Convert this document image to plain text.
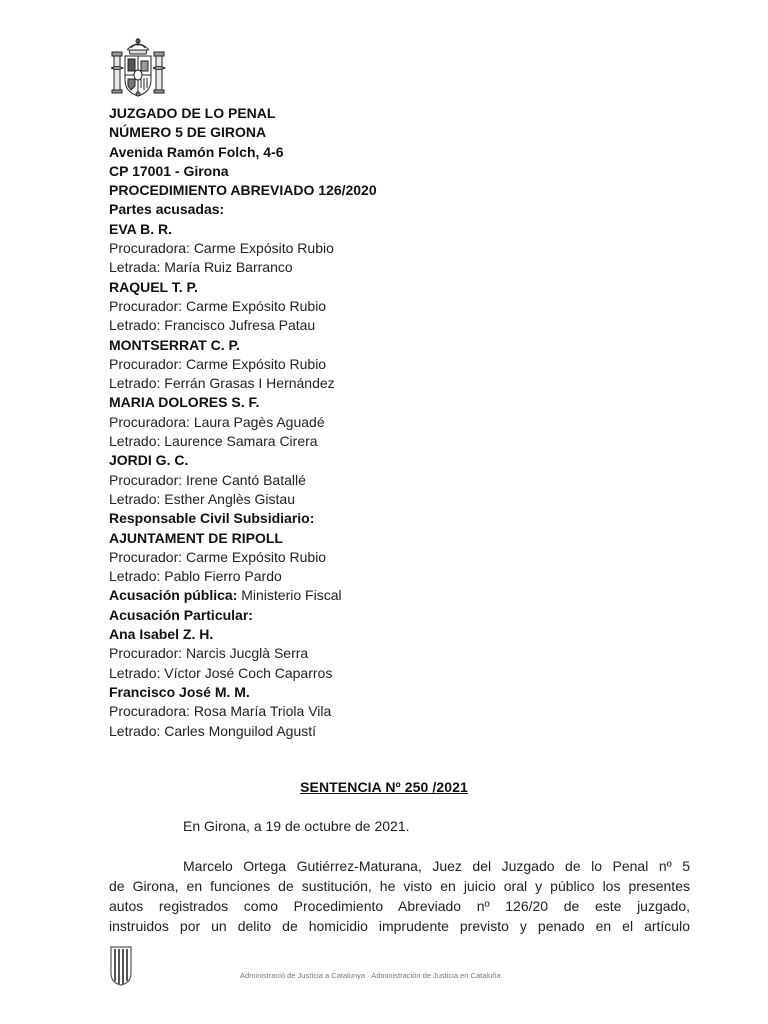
JUZGADO DE LO PENAL
NÚMERO 5 DE GIRONA
Avenida Ramón Folch, 4-6
CP 17001 - Girona
PROCEDIMIENTO ABREVIADO 126/2020
Partes acusadas:
EVA B. R.
Procuradora: Carme Expósito Rubio
Letrada: María Ruiz Barranco
RAQUEL T. P.
Procurador: Carme Expósito Rubio
Letrado: Francisco Jufresa Patau
MONTSERRAT C. P.
Procurador: Carme Expósito Rubio
Letrado: Ferrán Grasas I Hernández
MARIA DOLORES S. F.
Procuradora: Laura Pagès Aguadé
Letrado: Laurence Samara Cirera
JORDI G. C.
Procurador: Irene Cantó Batallé
Letrado: Esther Anglès Gistau
Responsable Civil Subsidiario:
AJUNTAMENT DE RIPOLL
Procurador: Carme Expósito Rubio
Letrado: Pablo Fierro Pardo
Acusación pública: Ministerio Fiscal
Acusación Particular:
Ana Isabel Z. H.
Procurador: Narcis Jucglà Serra
Letrado: Víctor José Coch Caparros
Francisco José M. M.
Procuradora: Rosa María Triola Vila
Letrado: Carles Monguilod Agustí
SENTENCIA Nº 250 /2021
En Girona, a 19 de octubre de 2021.
Marcelo Ortega Gutiérrez-Maturana, Juez del Juzgado de lo Penal nº 5
de Girona, en funciones de sustitución, he visto en juicio oral y público los presentes
autos registrados como Procedimiento Abreviado nº 126/20 de este juzgado,
instruidos por un delito de homicidio imprudente previsto y penado en el artículo
Administració de Justícia a Catalunya · Administración de Justicia en Cataluña
